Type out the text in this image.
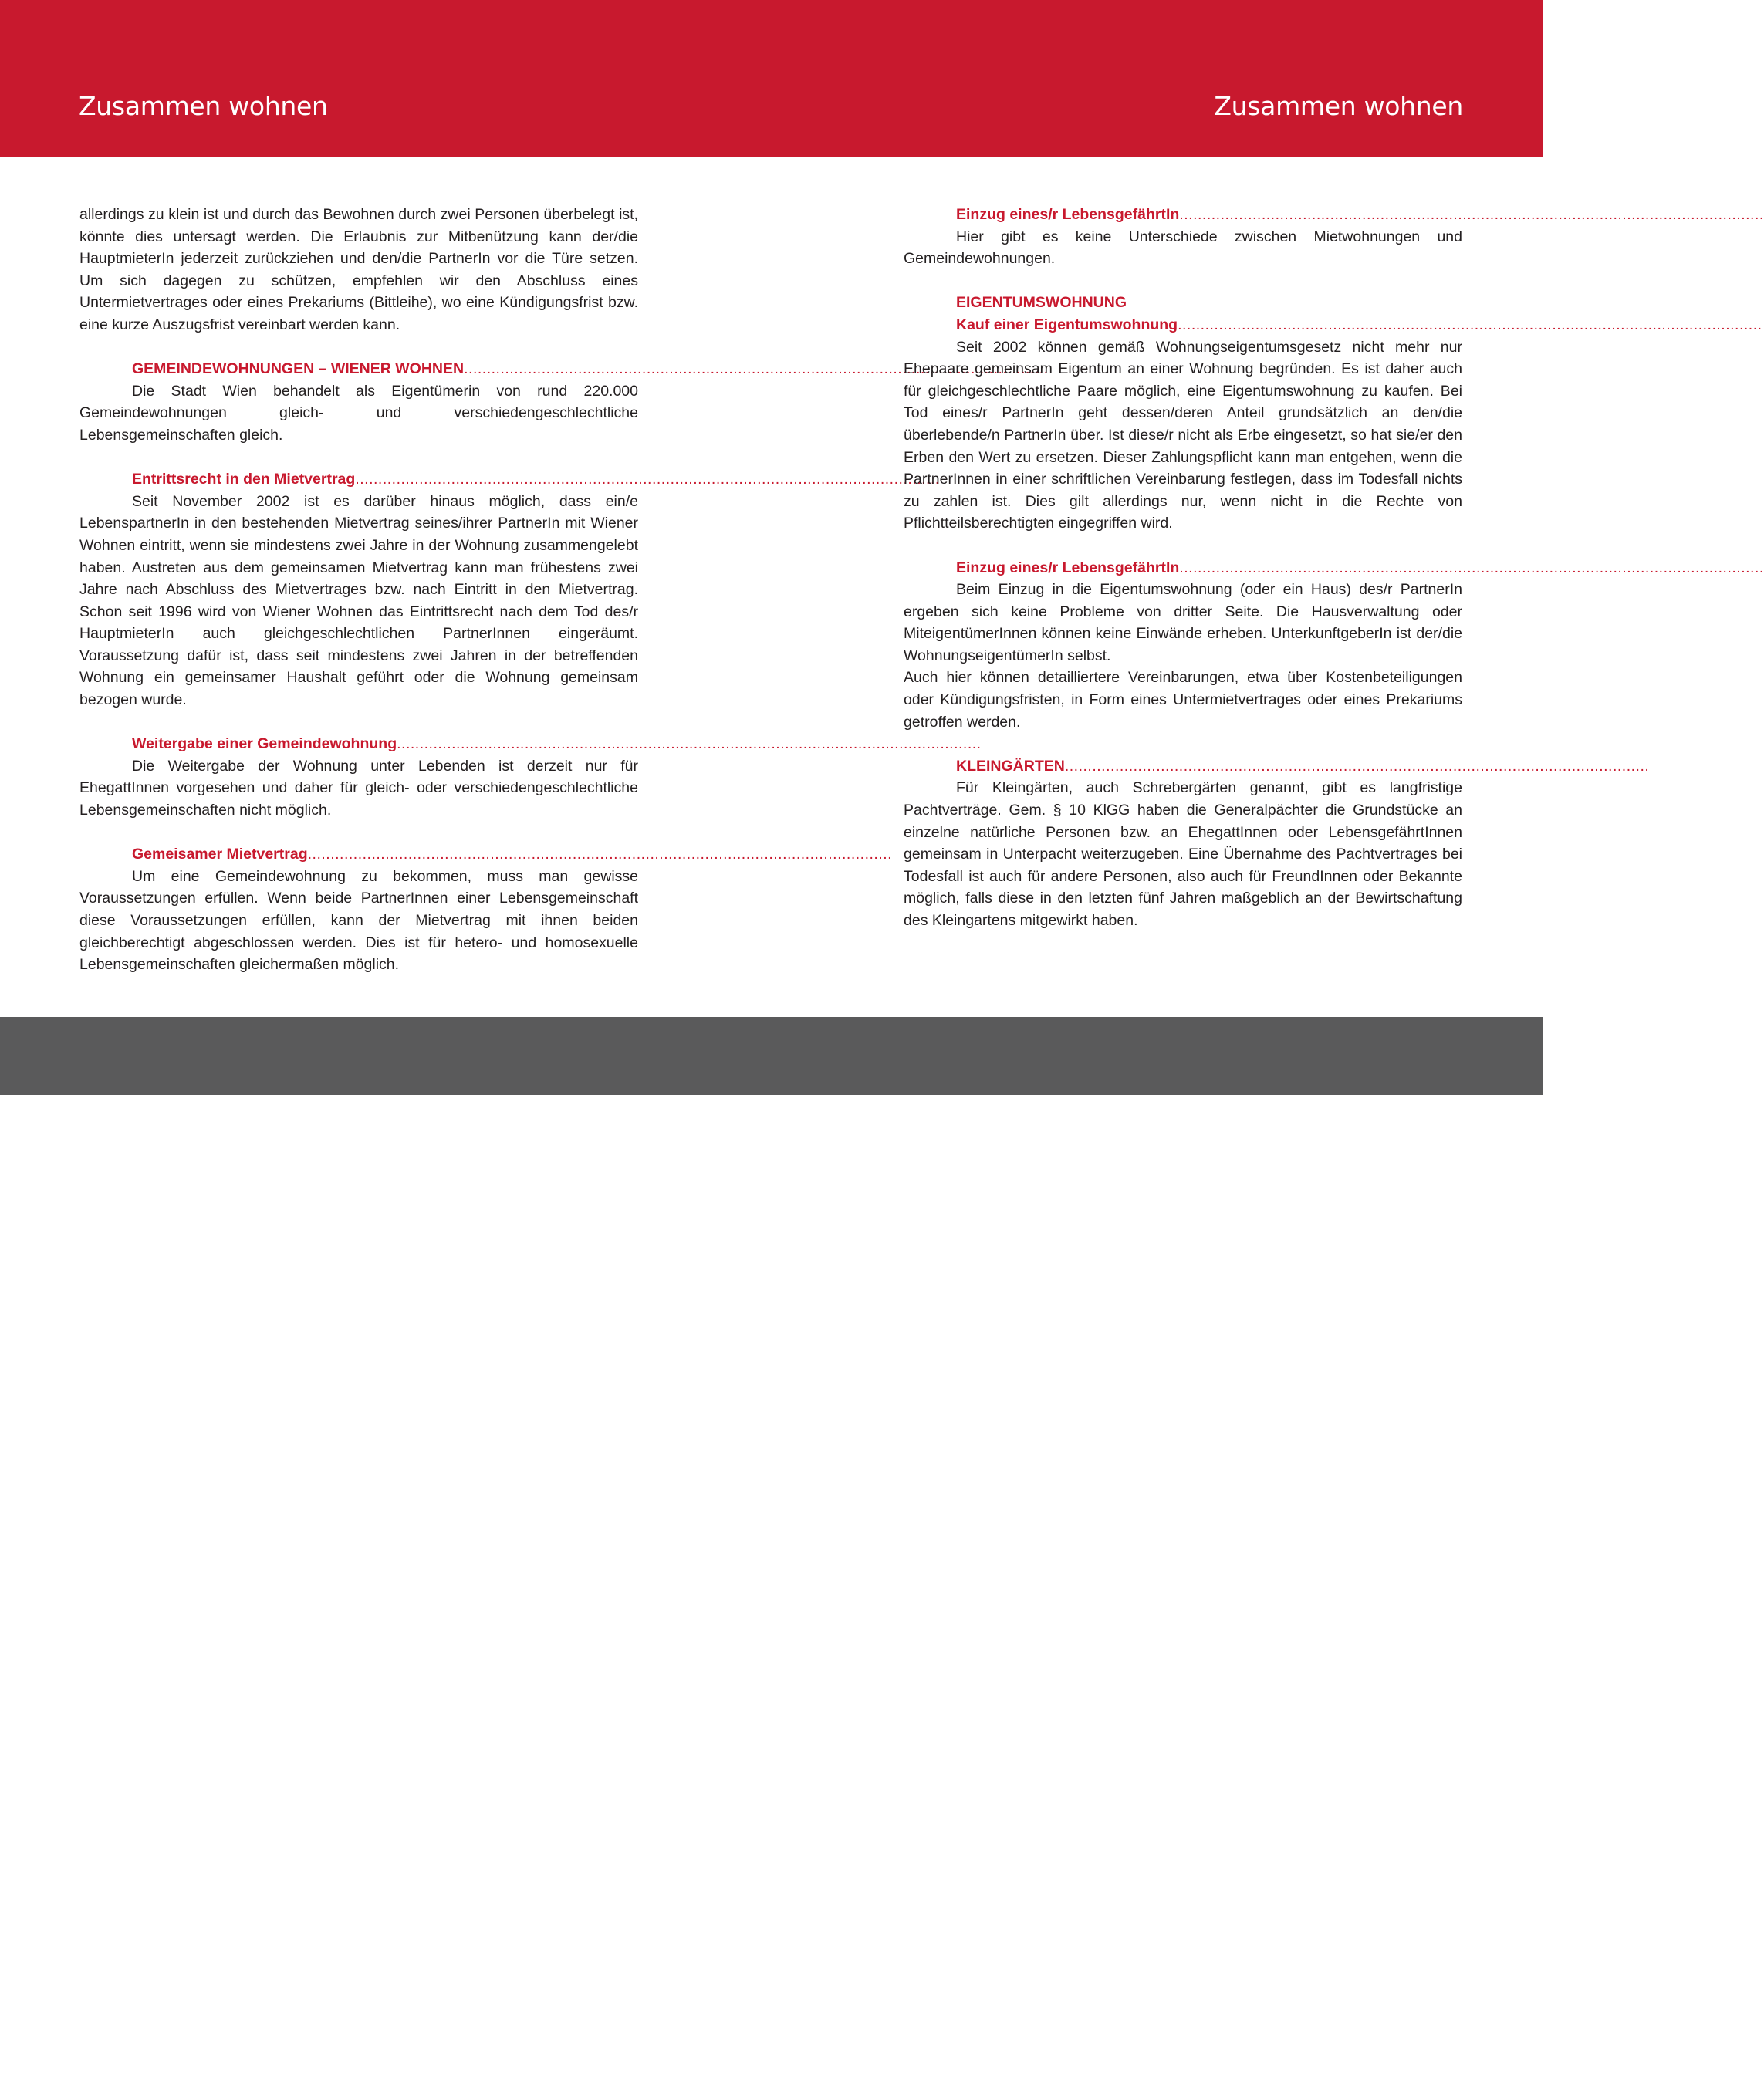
Zusammen wohnen	Zusammen wohnen

allerdings zu klein ist und durch das Bewohnen durch zwei Personen überbelegt ist, könnte dies untersagt werden. Die Erlaubnis zur Mitbenützung kann der/die HauptmieterIn jederzeit zurückziehen und den/die PartnerIn vor die Türe setzen. Um sich dagegen zu schützen, empfehlen wir den Abschluss eines Untermietvertrages oder eines Prekariums (Bittleihe), wo eine Kündigungsfrist bzw. eine kurze Auszugsfrist vereinbart werden kann.

GEMEINDEWOHNUNGEN – WIENER WOHNEN................................................................................................................................

Die Stadt Wien behandelt als Eigentümerin von rund 220.000 Gemeindewohnungen gleich- und verschiedengeschlechtliche Lebensgemeinschaften gleich.

Entrittsrecht in den Mietvertrag................................................................................................................................

Seit November 2002 ist es darüber hinaus möglich, dass ein/e LebenspartnerIn in den bestehenden Mietvertrag seines/ihrer PartnerIn mit Wiener Wohnen eintritt, wenn sie mindestens zwei Jahre in der Wohnung zusammengelebt haben. Austreten aus dem gemeinsamen Mietvertrag kann man frühestens zwei Jahre nach Abschluss des Mietvertrages bzw. nach Eintritt in den Mietvertrag. Schon seit 1996 wird von Wiener Wohnen das Eintrittsrecht nach dem Tod des/r HauptmieterIn auch gleichgeschlechtlichen PartnerInnen eingeräumt. Voraussetzung dafür ist, dass seit mindestens zwei Jahren in der betreffenden Wohnung ein gemeinsamer Haushalt geführt oder die Wohnung gemeinsam bezogen wurde.

Weitergabe einer Gemeindewohnung................................................................................................................................

Die Weitergabe der Wohnung unter Lebenden ist derzeit nur für EhegattInnen vorgesehen und daher für gleich- oder verschiedengeschlechtliche Lebensgemeinschaften nicht möglich.

Gemeisamer Mietvertrag................................................................................................................................

Um eine Gemeindewohnung zu bekommen, muss man gewisse Voraussetzungen erfüllen. Wenn beide PartnerInnen einer Lebensgemeinschaft diese Voraussetzungen erfüllen, kann der Mietvertrag mit ihnen beiden gleichberechtigt abgeschlossen werden. Dies ist für hetero- und homosexuelle Lebensgemeinschaften gleichermaßen möglich.

Einzug eines/r LebensgefährtIn................................................................................................................................

Hier gibt es keine Unterschiede zwischen Mietwohnungen und Gemeindewohnungen.

EIGENTUMSWOHNUNG
Kauf einer Eigentumswohnung................................................................................................................................

Seit 2002 können gemäß Wohnungseigentumsgesetz nicht mehr nur Ehepaare gemeinsam Eigentum an einer Wohnung begründen. Es ist daher auch für gleichgeschlechtliche Paare möglich, eine Eigentumswohnung zu kaufen. Bei Tod eines/r PartnerIn geht dessen/deren Anteil grundsätzlich an den/die überlebende/n PartnerIn über. Ist diese/r nicht als Erbe eingesetzt, so hat sie/er den Erben den Wert zu ersetzen. Dieser Zahlungspflicht kann man entgehen, wenn die PartnerInnen in einer schriftlichen Vereinbarung festlegen, dass im Todesfall nichts zu zahlen ist. Dies gilt allerdings nur, wenn nicht in die Rechte von Pflichtteilsberechtigten eingegriffen wird.

Einzug eines/r LebensgefährtIn................................................................................................................................

Beim Einzug in die Eigentumswohnung (oder ein Haus) des/r PartnerIn ergeben sich keine Probleme von dritter Seite. Die Hausverwaltung oder MiteigentümerInnen können keine Einwände erheben. UnterkunftgeberIn ist der/die WohnungseigentümerIn selbst.

Auch hier können detailliertere Vereinbarungen, etwa über Kostenbeteiligungen oder Kündigungsfristen, in Form eines Untermietvertrages oder eines Prekariums getroffen werden.

KLEINGÄRTEN................................................................................................................................

Für Kleingärten, auch Schrebergärten genannt, gibt es langfristige Pachtverträge. Gem. § 10 KlGG haben die Generalpächter die Grundstücke an einzelne natürliche Personen bzw. an EhegattInnen oder LebensgefährtInnen gemeinsam in Unterpacht weiterzugeben. Eine Übernahme des Pachtvertrages bei Todesfall ist auch für andere Personen, also auch für FreundInnen oder Bekannte möglich, falls diese in den letzten fünf Jahren maßgeblich an der Bewirtschaftung des Kleingartens mitgewirkt haben.

66	67
